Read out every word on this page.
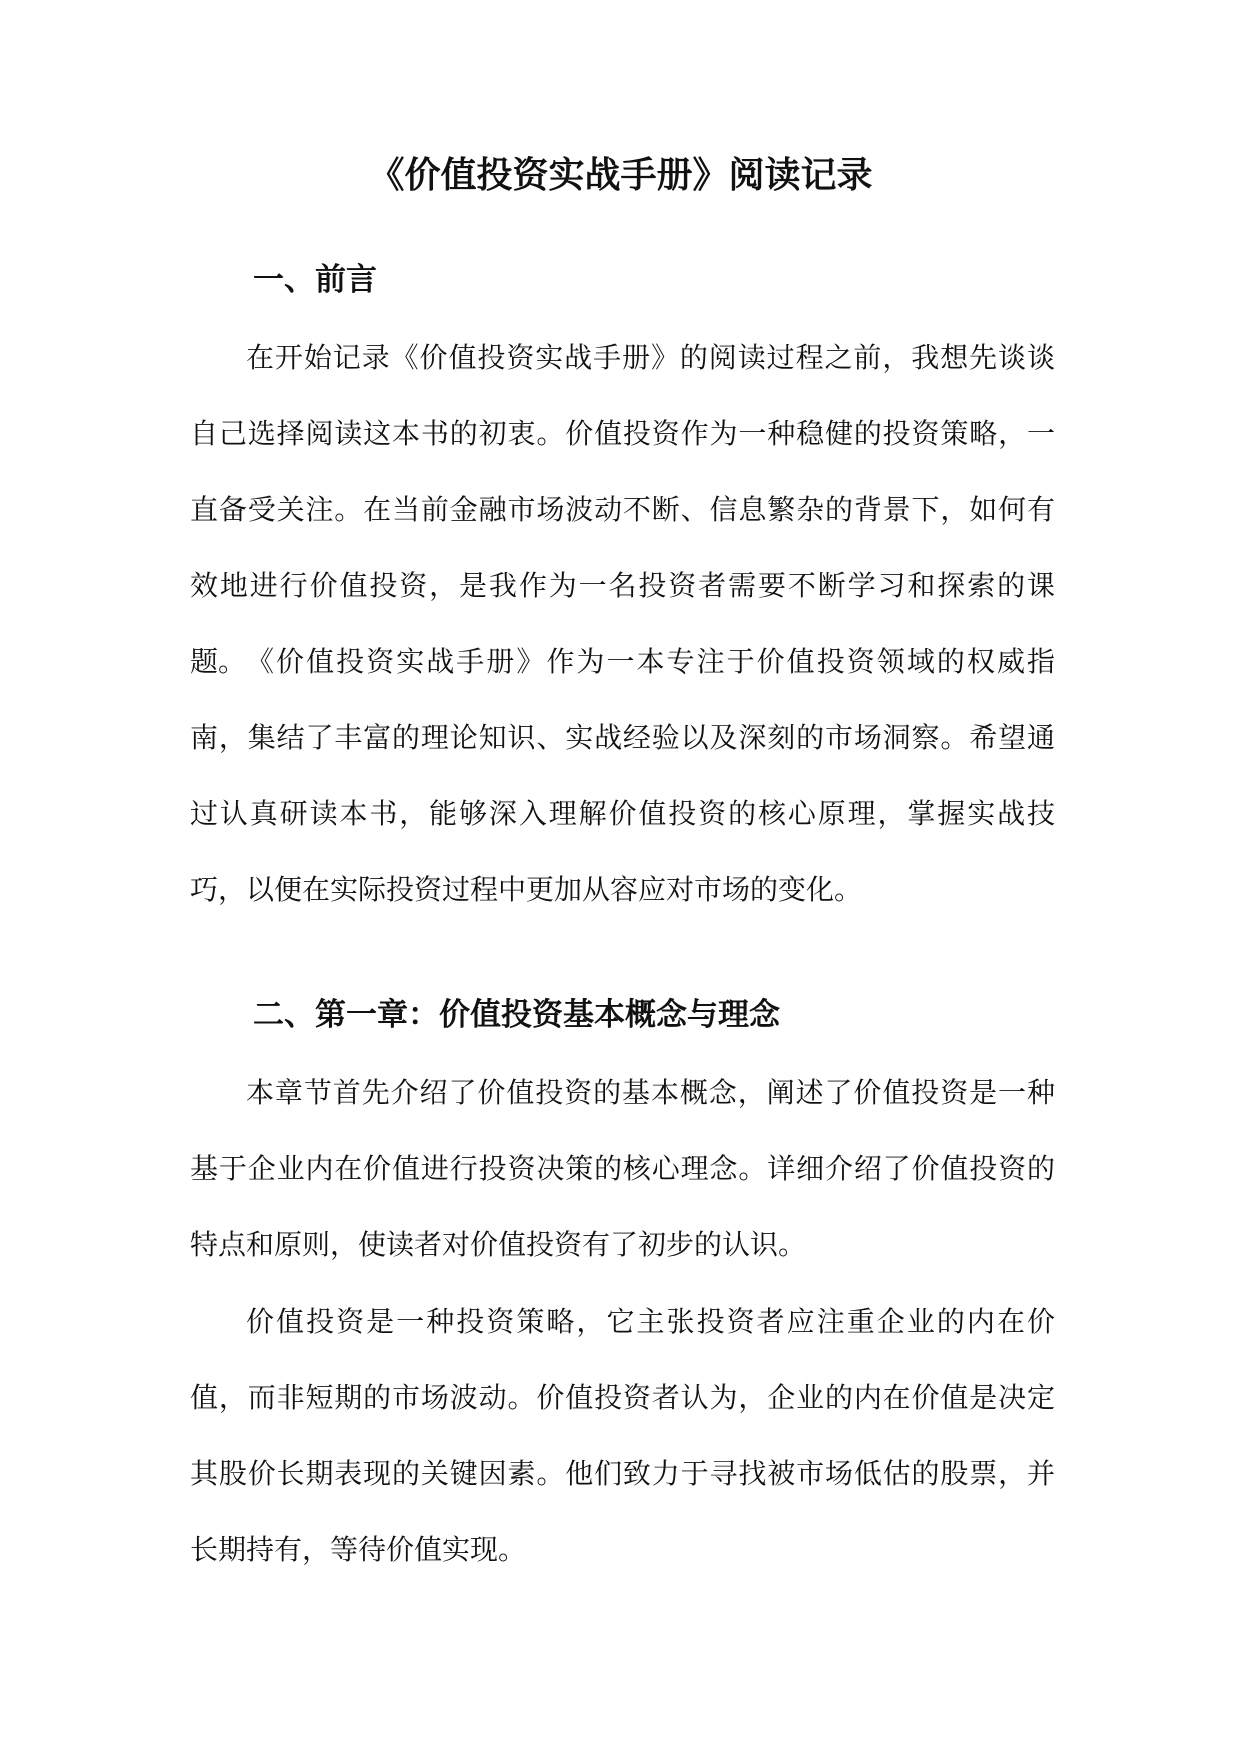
《价值投资实战手册》阅读记录
一、前言

在开始记录《价值投资实战手册》的阅读过程之前，我想先谈谈自己选择阅读这本书的初衷。价值投资作为一种稳健的投资策略，一直备受关注。在当前金融市场波动不断、信息繁杂的背景下，如何有效地进行价值投资，是我作为一名投资者需要不断学习和探索的课题。 《价值投资实战手册》作为一本专注于价值投资领域的权威指南，集结了丰富的理论知识、实战经验以及深刻的市场洞察。希望通过认真研读本书，能够深入理解价值投资的核心原理，掌握实战技巧，以便在实际投资过程中更加从容应对市场的变化。

二、第一章：价值投资基本概念与理念

本章节首先介绍了价值投资的基本概念，阐述了价值投资是一种基于企业内在价值进行投资决策的核心理念。详细介绍了价值投资的特点和原则，使读者对价值投资有了初步的认识。

价值投资是一种投资策略，它主张投资者应注重企业的内在价值，而非短期的市场波动。价值投资者认为，企业的内在价值是决定其股价长期表现的关键因素。他们致力于寻找被市场低估的股票，并长期持有，等待价值实现。
